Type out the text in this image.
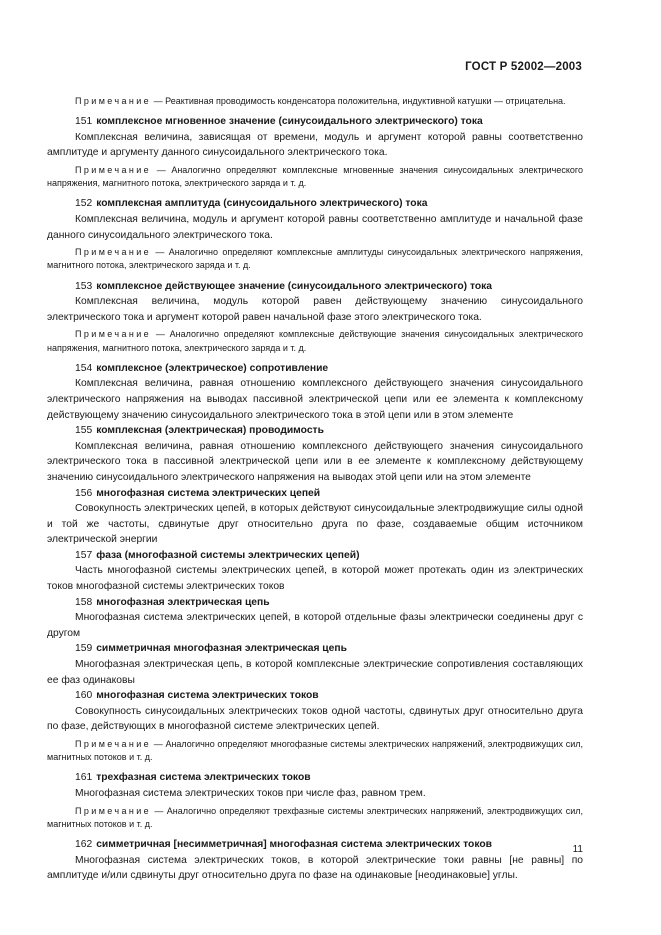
ГОСТ Р 52002—2003

Примечание — Реактивная проводимость конденсатора положительна, индуктивной катушки — отрицательна.

151 комплексное мгновенное значение (синусоидального электрического) тока

Комплексная величина, зависящая от времени, модуль и аргумент которой равны соответственно амплитуде и аргументу данного синусоидального электрического тока.

Примечание — Аналогично определяют комплексные мгновенные значения синусоидальных электрического напряжения, магнитного потока, электрического заряда и т. д.

152 комплексная амплитуда (синусоидального электрического) тока

Комплексная величина, модуль и аргумент которой равны соответственно амплитуде и начальной фазе данного синусоидального электрического тока.

Примечание — Аналогично определяют комплексные амплитуды синусоидальных электрического напряжения, магнитного потока, электрического заряда и т. д.

153 комплексное действующее значение (синусоидального электрического) тока

Комплексная величина, модуль которой равен действующему значению синусоидального электрического тока и аргумент которой равен начальной фазе этого электрического тока.

Примечание — Аналогично определяют комплексные действующие значения синусоидальных электрического напряжения, магнитного потока, электрического заряда и т. д.

154 комплексное (электрическое) сопротивление

Комплексная величина, равная отношению комплексного действующего значения синусоидального электрического напряжения на выводах пассивной электрической цепи или ее элемента к комплексному действующему значению синусоидального электрического тока в этой цепи или в этом элементе

155 комплексная (электрическая) проводимость

Комплексная величина, равная отношению комплексного действующего значения синусоидального электрического тока в пассивной электрической цепи или в ее элементе к комплексному действующему значению синусоидального электрического напряжения на выводах этой цепи или на этом элементе

156 многофазная система электрических цепей

Совокупность электрических цепей, в которых действуют синусоидальные электродвижущие силы одной и той же частоты, сдвинутые друг относительно друга по фазе, создаваемые общим источником электрической энергии

157 фаза (многофазной системы электрических цепей)

Часть многофазной системы электрических цепей, в которой может протекать один из электрических токов многофазной системы электрических токов

158 многофазная электрическая цепь

Многофазная система электрических цепей, в которой отдельные фазы электрически соединены друг с другом

159 симметричная многофазная электрическая цепь

Многофазная электрическая цепь, в которой комплексные электрические сопротивления составляющих ее фаз одинаковы

160 многофазная система электрических токов

Совокупность синусоидальных электрических токов одной частоты, сдвинутых друг относительно друга по фазе, действующих в многофазной системе электрических цепей.

Примечание — Аналогично определяют многофазные системы электрических напряжений, электродвижущих сил, магнитных потоков и т. д.

161 трехфазная система электрических токов

Многофазная система электрических токов при числе фаз, равном трем.

Примечание — Аналогично определяют трехфазные системы электрических напряжений, электродвижущих сил, магнитных потоков и т. д.

162 симметричная [несимметричная] многофазная система электрических токов

Многофазная система электрических токов, в которой электрические токи равны [не равны] по амплитуде и/или сдвинуты друг относительно друга по фазе на одинаковые [неодинаковые] углы.

11
